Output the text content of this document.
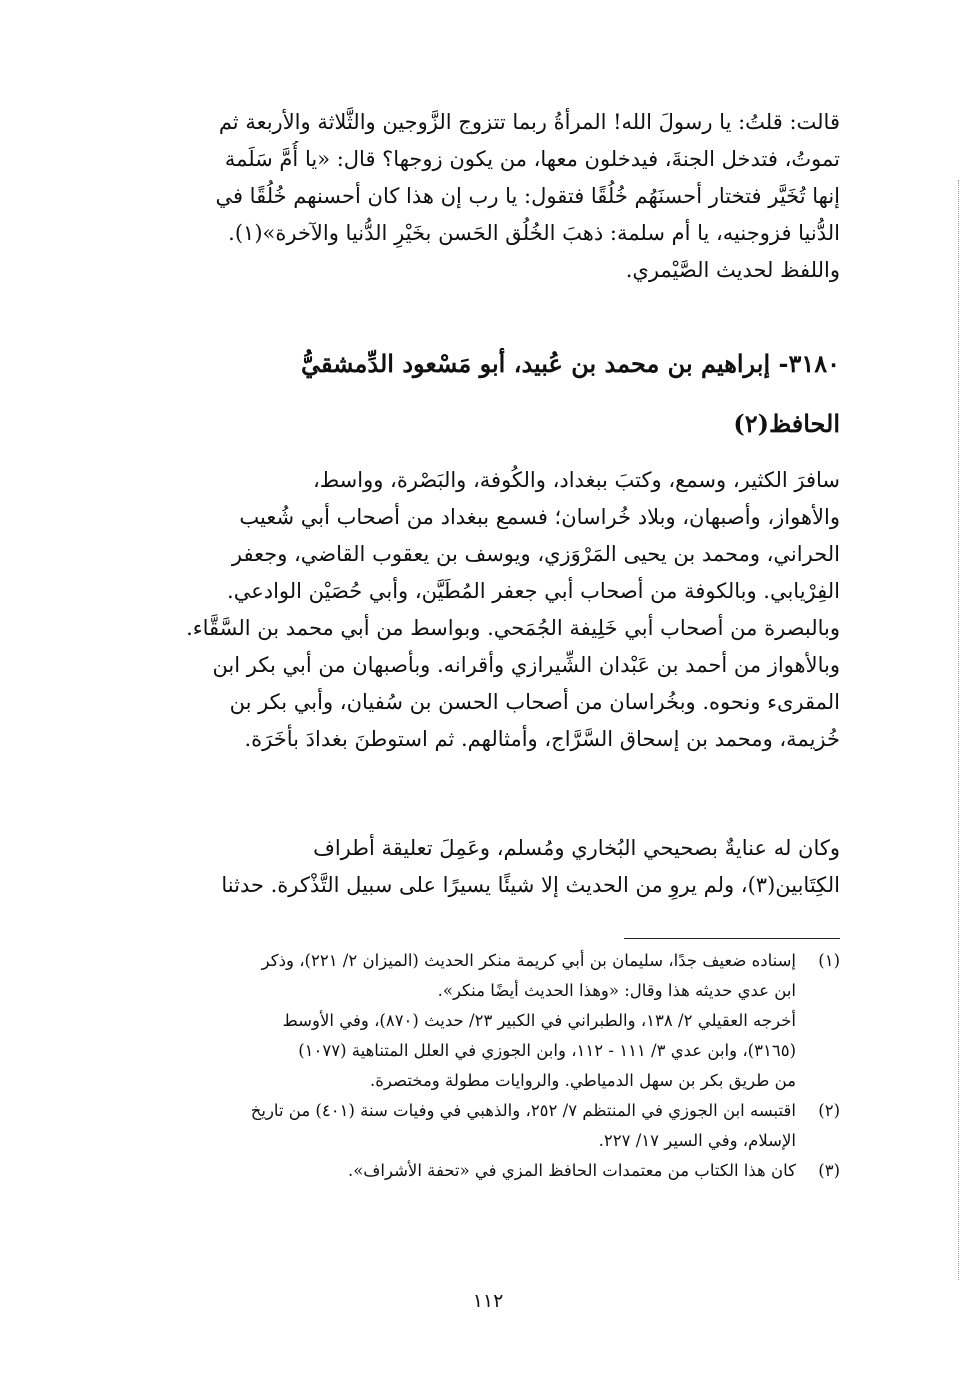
قالت: قلتُ: يا رسولَ الله! المرأةُ ربما تتزوج الزَّوجين والثَّلاثة والأربعة ثم
تموتُ، فتدخل الجنةَ، فيدخلون معها، من يكون زوجها؟ قال: «يا أُمَّ سَلَمة
إنها تُخَيَّر فتختار أحسنَهُم خُلُقًا فتقول: يا رب إن هذا كان أحسنهم خُلُقًا في
الدُّنيا فزوجنيه، يا أم سلمة: ذهبَ الخُلُق الحَسن بخَيْرِ الدُّنيا والآخرة»(١).
واللفظ لحديث الصَّيْمري.
٣١٨٠- إبراهيم بن محمد بن عُبيد، أبو مَسْعود الدِّمشقيُّ
الحافظ(٢)
سافرَ الكثير، وسمع، وكتبَ ببغداد، والكُوفة، والبَصْرة، وواسط،
والأهواز، وأصبهان، وبلاد خُراسان؛ فسمع ببغداد من أصحاب أبي شُعيب
الحراني، ومحمد بن يحيى المَرْوَزي، ويوسف بن يعقوب القاضي، وجعفر
الفِرْيابي. وبالكوفة من أصحاب أبي جعفر المُطَيَّن، وأبي حُصَيْن الوادعي.
وبالبصرة من أصحاب أبي خَلِيفة الجُمَحي. وبواسط من أبي محمد بن السَّقَّاء.
وبالأهواز من أحمد بن عَبْدان الشِّيرازي وأقرانه. وبأصبهان من أبي بكر ابن
المقرىء ونحوه. وبخُراسان من أصحاب الحسن بن سُفيان، وأبي بكر بن
خُزيمة، ومحمد بن إسحاق السَّرَّاج، وأمثالهم. ثم استوطنَ بغدادَ بأخَرَة.
وكان له عنايةٌ بصحيحي البُخاري ومُسلم، وعَمِلَ تعليقة أطراف
الكِتَابين(٣)، ولم يروِ من الحديث إلا شيئًا يسيرًا على سبيل التَّذْكرة. حدثنا
(١)
إسناده ضعيف جدًا، سليمان بن أبي كريمة منكر الحديث (الميزان ٢/ ٢٢١)، وذكر
ابن عدي حديثه هذا وقال: «وهذا الحديث أيضًا منكر».
أخرجه العقيلي ٢/ ١٣٨، والطبراني في الكبير ٢٣/ حديث (٨٧٠)، وفي الأوسط
(٣١٦٥)، وابن عدي ٣/ ١١١ - ١١٢، وابن الجوزي في العلل المتناهية (١٠٧٧)
من طريق بكر بن سهل الدمياطي. والروايات مطولة ومختصرة.
(٢)
اقتبسه ابن الجوزي في المنتظم ٧/ ٢٥٢، والذهبي في وفيات سنة (٤٠١) من تاريخ
الإسلام، وفي السير ١٧/ ٢٢٧.
(٣)
كان هذا الكتاب من معتمدات الحافظ المزي في «تحفة الأشراف».
١١٢
